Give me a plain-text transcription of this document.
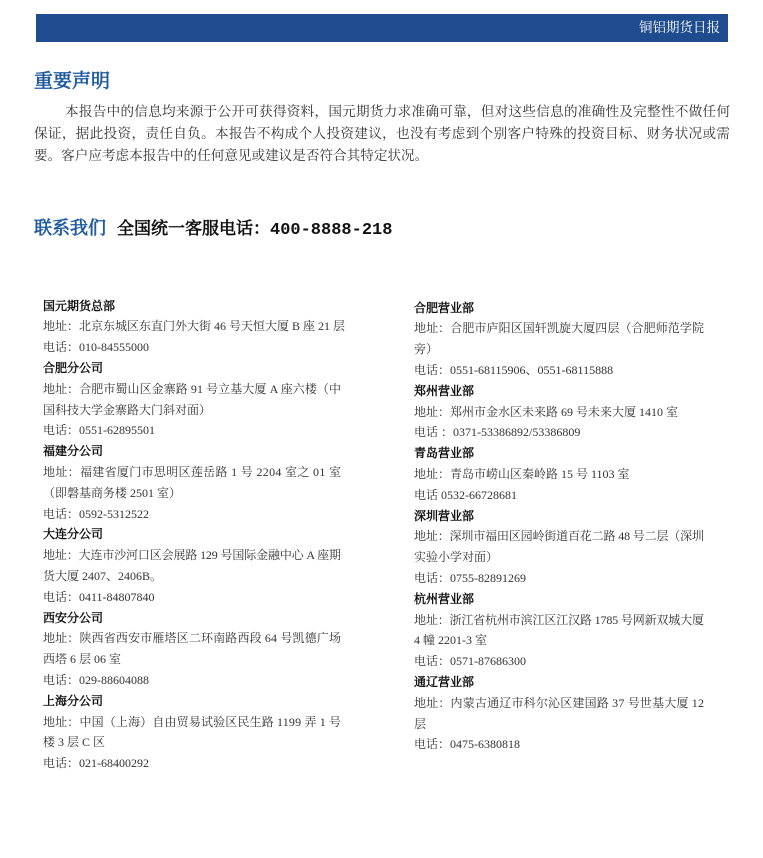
铜铝期货日报
重要声明
本报告中的信息均来源于公开可获得资料，国元期货力求准确可靠，但对这些信息的准确性及完整性不做任何
保证，据此投资，责任自负。本报告不构成个人投资建议，也没有考虑到个别客户特殊的投资目标、财务状况或需
要。客户应考虑本报告中的任何意见或建议是否符合其特定状况。
联系我们 全国统一客服电话：400-8888-218
国元期货总部
地址：北京东城区东直门外大街 46 号天恒大厦 B 座 21 层
电话：010-84555000
合肥分公司
地址：合肥市蜀山区金寨路 91 号立基大厦 A 座六楼（中
国科技大学金寨路大门斜对面）
电话：0551-62895501
福建分公司
地址：福建省厦门市思明区莲岳路 1 号 2204 室之 01 室
（即磐基商务楼 2501 室）
电话：0592-5312522
大连分公司
地址：大连市沙河口区会展路 129 号国际金融中心 A 座期
货大厦 2407、2406B。
电话：0411-84807840
西安分公司
地址：陕西省西安市雁塔区二环南路西段 64 号凯德广场
西塔 6 层 06 室
电话：029-88604088
上海分公司
地址：中国（上海）自由贸易试验区民生路 1199 弄 1 号
楼 3 层 C 区
电话：021-68400292
合肥营业部
地址：合肥市庐阳区国轩凯旋大厦四层（合肥师范学院
旁）
电话：0551-68115906、0551-68115888
郑州营业部
地址：郑州市金水区未来路 69 号未来大厦 1410 室
电话 ：0371-53386892/53386809
青岛营业部
地址：青岛市崂山区秦岭路 15 号 1103 室
电话 0532-66728681
深圳营业部
地址：深圳市福田区园岭街道百花二路 48 号二层（深圳
实验小学对面）
电话：0755-82891269
杭州营业部
地址：浙江省杭州市滨江区江汉路 1785 号网新双城大厦
4 幢 2201-3 室
电话：0571-87686300
通辽营业部
地址：内蒙古通辽市科尔沁区建国路 37 号世基大厦 12
层
电话：0475-6380818
